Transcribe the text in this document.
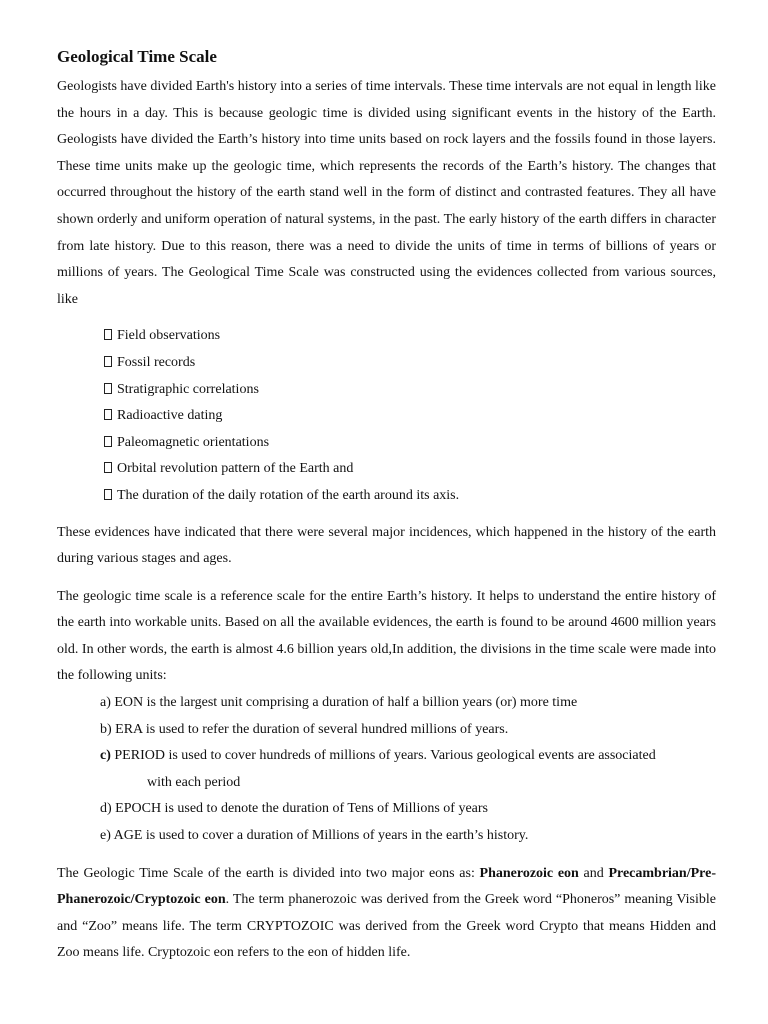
Geological Time Scale

Geologists have divided Earth's history into a series of time intervals. These time intervals are not equal in length like the hours in a day. This is because geologic time is divided using significant events in the history of the Earth. Geologists have divided the Earth’s history into time units based on rock layers and the fossils found in those layers. These time units make up the geologic time, which represents the records of the Earth’s history. The changes that occurred throughout the history of the earth stand well in the form of distinct and contrasted features. They all have shown orderly and uniform operation of natural systems, in the past. The early history of the earth differs in character from late history. Due to this reason, there was a need to divide the units of time in terms of billions of years or millions of years. The Geological Time Scale was constructed using the evidences collected from various sources, like

Field observations
Fossil records
Stratigraphic correlations
Radioactive dating
Paleomagnetic orientations
Orbital revolution pattern of the Earth and
The duration of the daily rotation of the earth around its axis.

These evidences have indicated that there were several major incidences, which happened in the history of the earth during various stages and ages.

The geologic time scale is a reference scale for the entire Earth’s history. It helps to understand the entire history of the earth into workable units. Based on all the available evidences, the earth is found to be around 4600 million years old. In other words, the earth is almost 4.6 billion years old,In addition, the divisions in the time scale were made into the following units:

a) EON is the largest unit comprising a duration of half a billion years (or) more time
b) ERA is used to refer the duration of several hundred millions of years.
c) PERIOD is used to cover hundreds of millions of years. Various geological events are associated
with each period
d) EPOCH is used to denote the duration of Tens of Millions of years
e) AGE is used to cover a duration of Millions of years in the earth’s history.

The Geologic Time Scale of the earth is divided into two major eons as: Phanerozoic eon and Precambrian/Pre-Phanerozoic/Cryptozoic eon. The term phanerozoic was derived from the Greek word “Phoneros” meaning Visible and “Zoo” means life. The term CRYPTOZOIC was derived from the Greek word Crypto that means Hidden and Zoo means life. Cryptozoic eon refers to the eon of hidden life.
